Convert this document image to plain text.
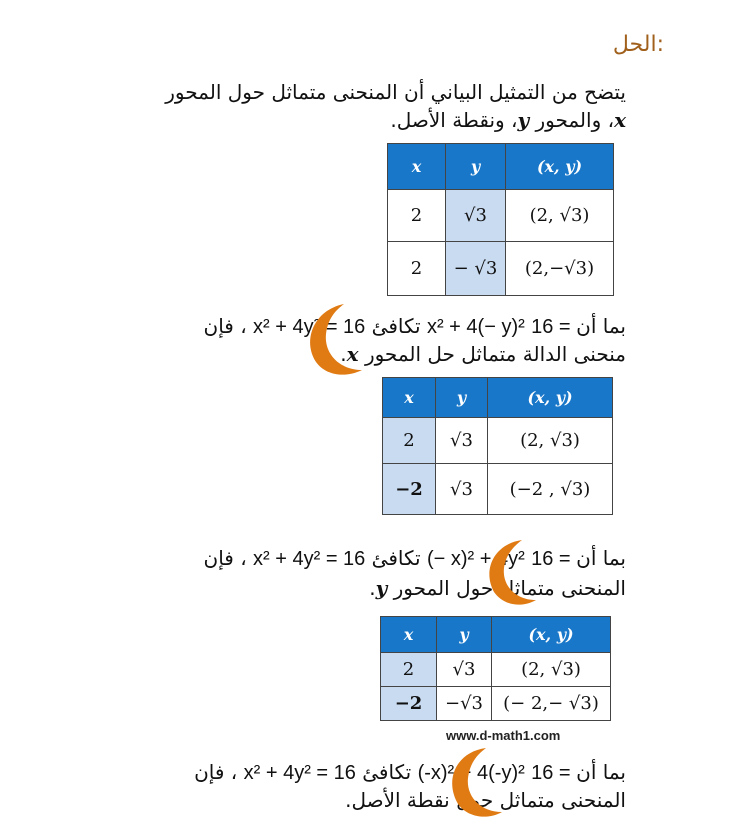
الحل:
يتضح من التمثيل البياني أن المنحنى متماثل حول المحور
x، والمحور y، ونقطة الأصل.
x	y	(x, y)
2	√3	(2, √3)
2	− √3	(2,−√3)
، فإن x² + 4y² = 16 تكافئ x² + 4(− y)² 16 = بما أن
منحنى الدالة متماثل حل المحور x.
x	y	(x, y)
2	√3	(2, √3)
−2	√3	(−2 , √3)
، فإن x² + 4y² = 16 تكافئ (− x)² + 4y² 16 = بما أن
المنحنى متماثل حول المحور y.
x	y	(x, y)
2	√3	(2, √3)
−2	−√3	(− 2,− √3)
www.d-math1.com
، فإن x² + 4y² = 16 تكافئ (-x)² + 4(-y)² 16 = بما أن
المنحنى متماثل حول نقطة الأصل.
